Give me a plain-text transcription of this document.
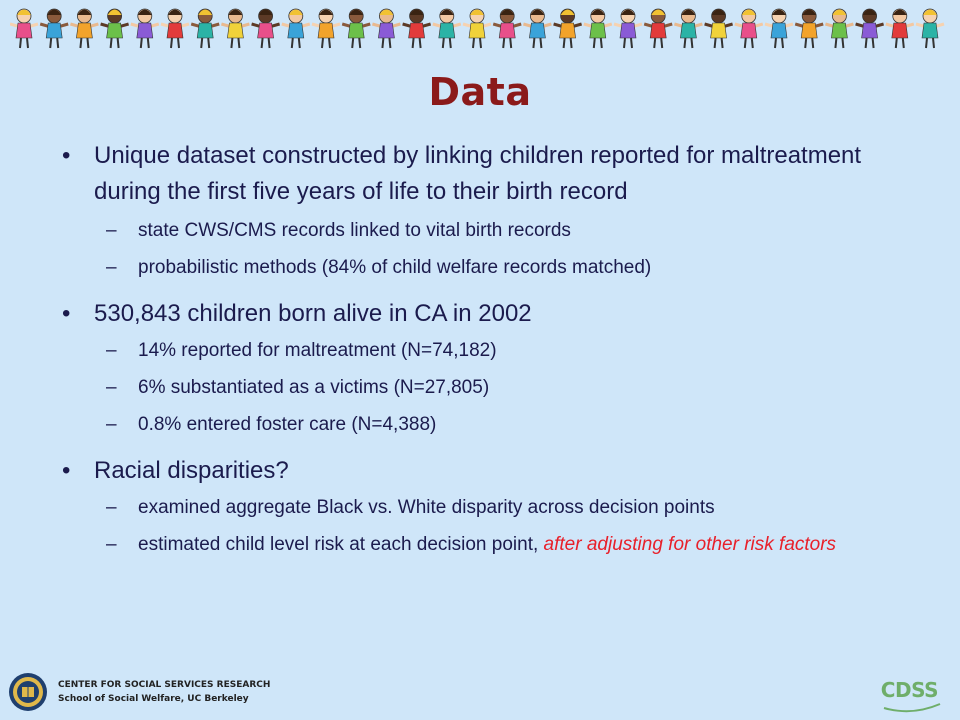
Data
• Unique dataset constructed by linking children reported for maltreatment during the first five years of life to their birth record
– state CWS/CMS records linked to vital birth records
– probabilistic methods (84% of child welfare records matched)
• 530,843 children born alive in CA in 2002
– 14% reported for maltreatment (N=74,182)
– 6% substantiated as a victims (N=27,805)
– 0.8% entered foster care (N=4,388)
• Racial disparities?
– examined aggregate Black vs. White disparity across decision points
– estimated child level risk at each decision point, after adjusting for other risk factors
CENTER FOR SOCIAL SERVICES RESEARCH
School of Social Welfare, UC Berkeley	CDSS
